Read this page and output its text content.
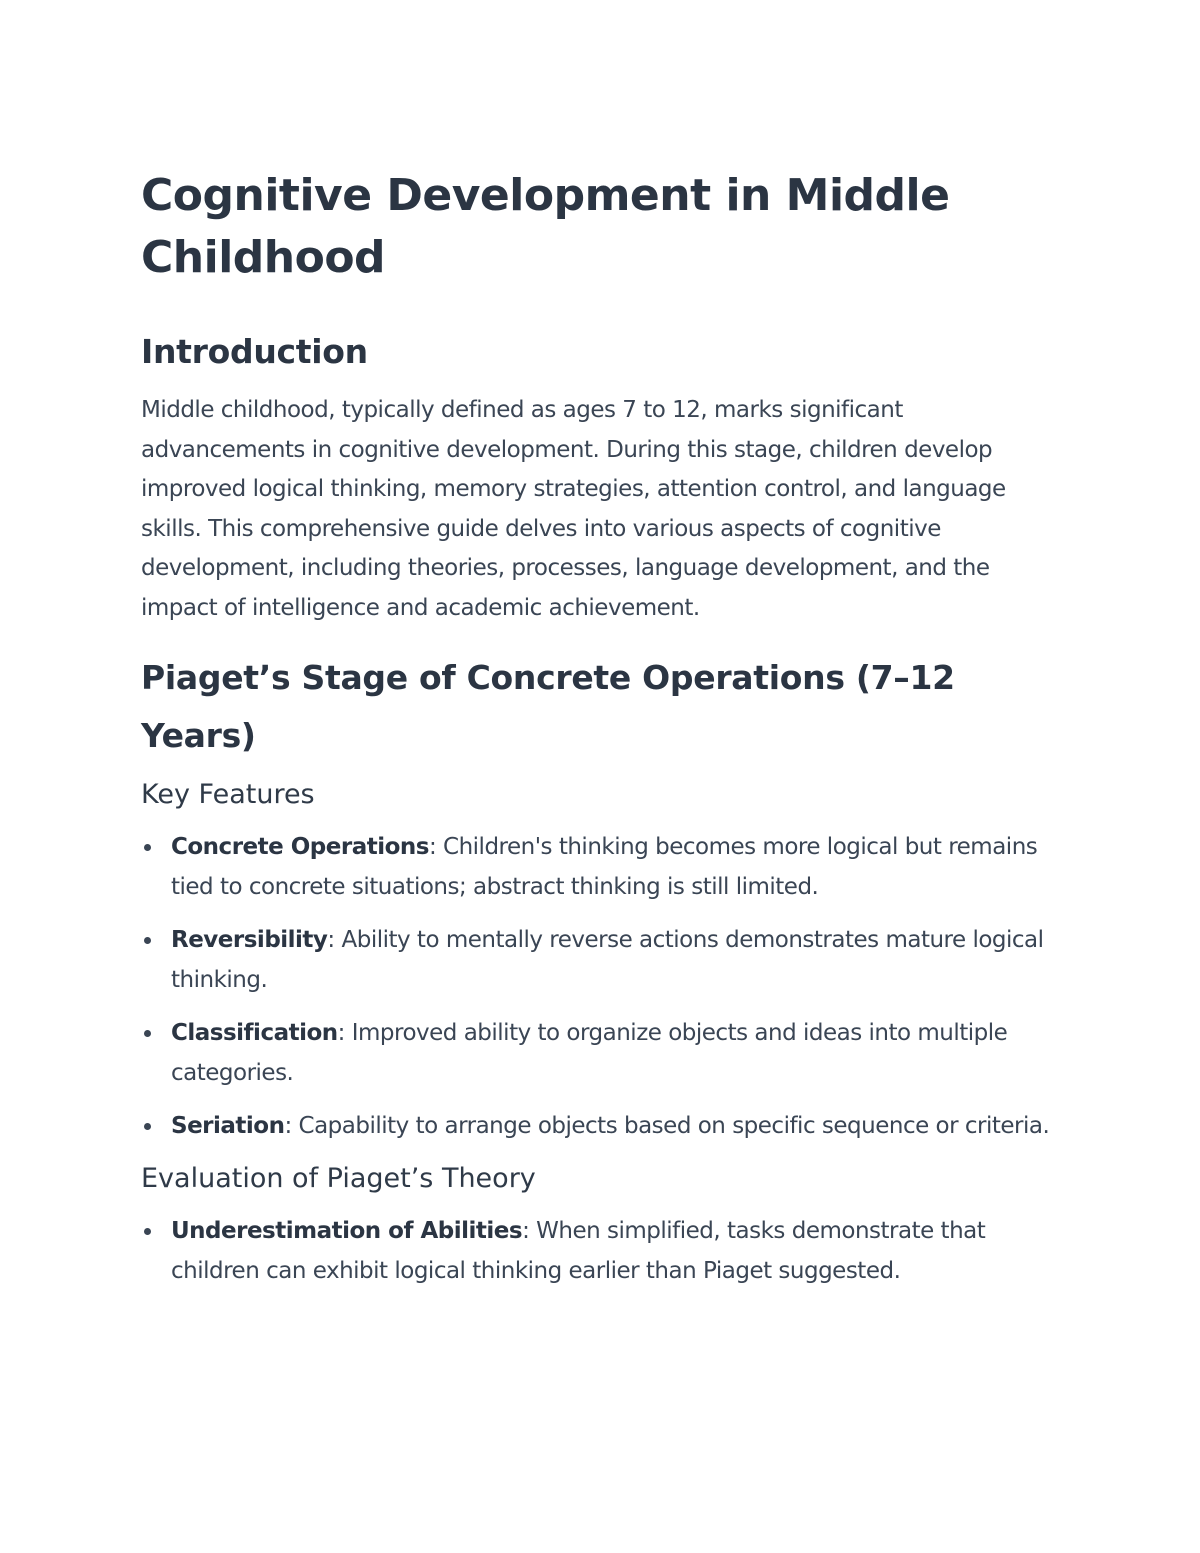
Cognitive Development in Middle Childhood
Introduction

Middle childhood, typically defined as ages 7 to 12, marks significant advancements in cognitive development. During this stage, children develop improved logical thinking, memory strategies, attention control, and language skills. This comprehensive guide delves into various aspects of cognitive development, including theories, processes, language development, and the impact of intelligence and academic achievement.

Piaget’s Stage of Concrete Operations (7–12 Years)
Key Features
Concrete Operations: Children's thinking becomes more logical but remains tied to concrete situations; abstract thinking is still limited.
Reversibility: Ability to mentally reverse actions demonstrates mature logical thinking.
Classification: Improved ability to organize objects and ideas into multiple categories.
Seriation: Capability to arrange objects based on specific sequence or criteria.
Evaluation of Piaget’s Theory
Underestimation of Abilities: When simplified, tasks demonstrate that children can exhibit logical thinking earlier than Piaget suggested.
